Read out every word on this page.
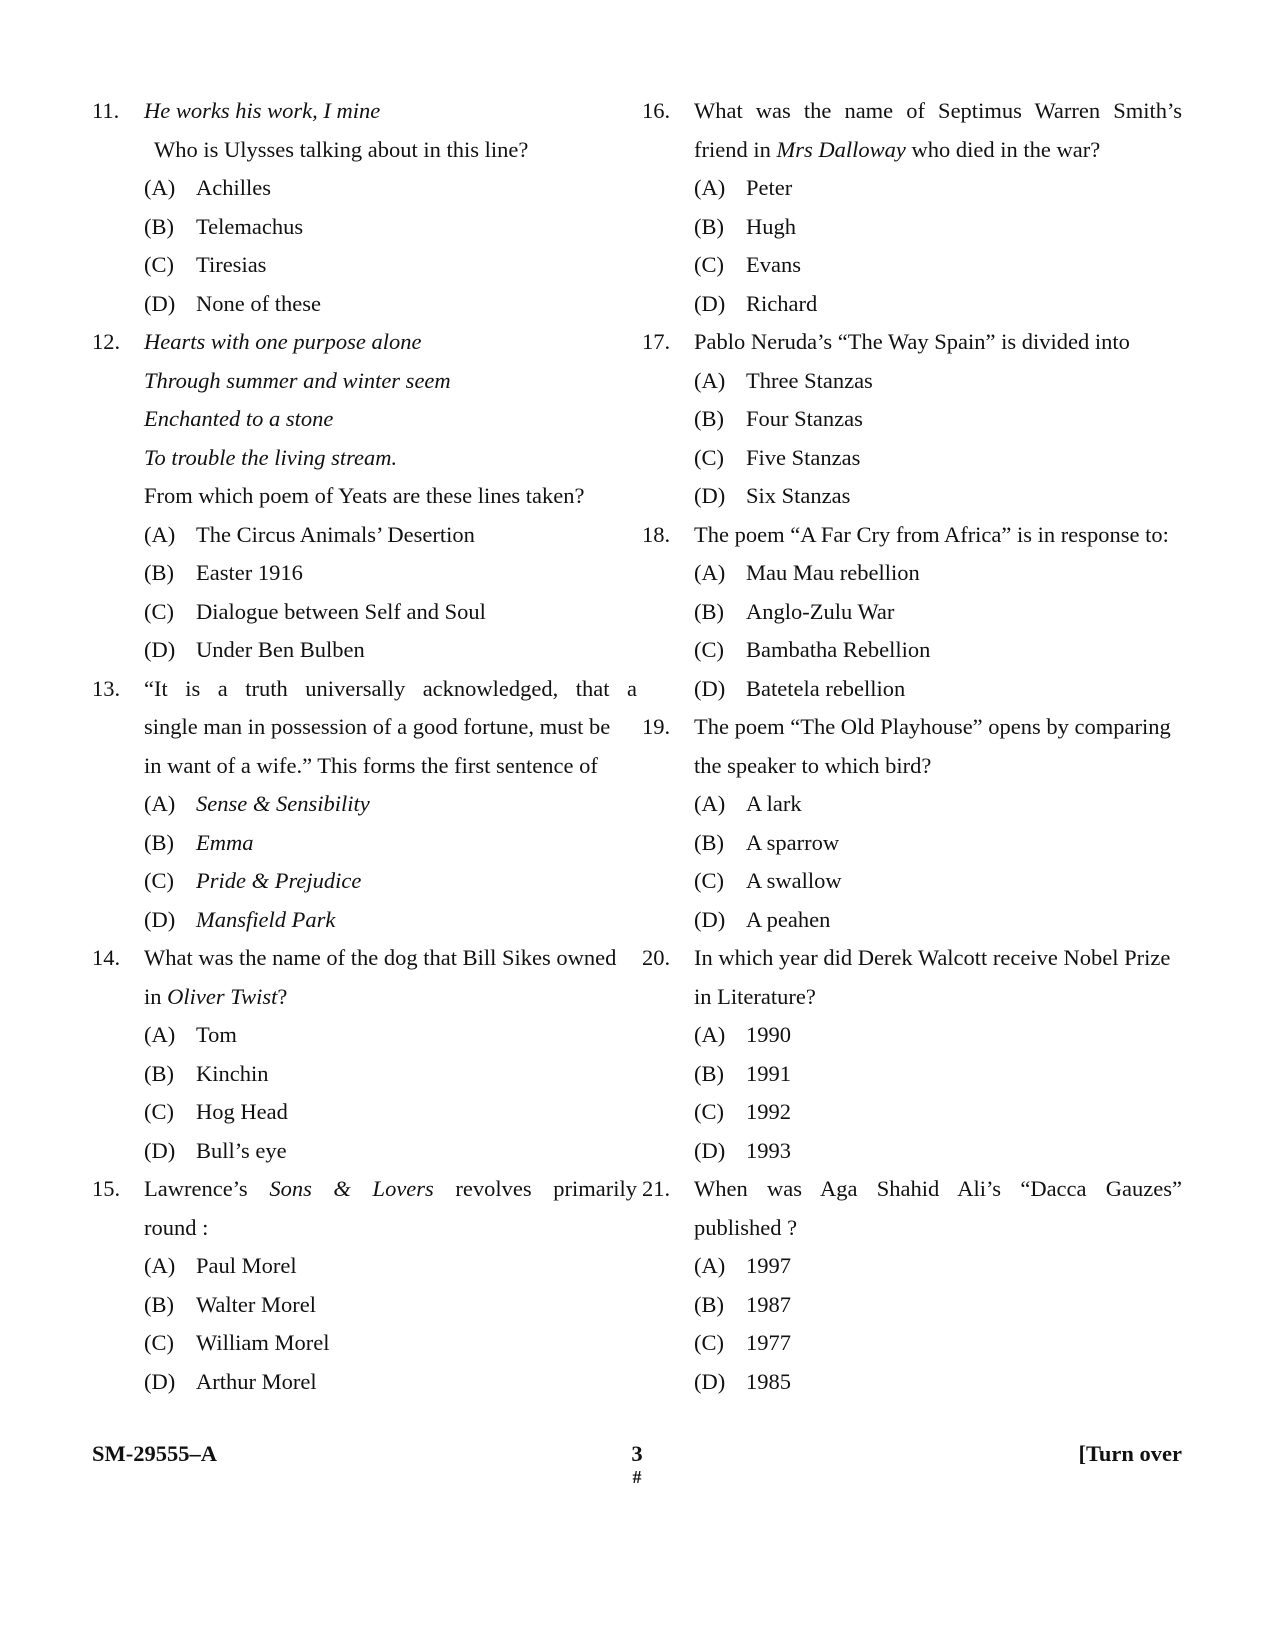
11. He works his work, I mine
Who is Ulysses talking about in this line?
(A) Achilles
(B) Telemachus
(C) Tiresias
(D) None of these
12. Hearts with one purpose alone
Through summer and winter seem
Enchanted to a stone
To trouble the living stream.
From which poem of Yeats are these lines taken?
(A) The Circus Animals’ Desertion
(B) Easter 1916
(C) Dialogue between Self and Soul
(D) Under Ben Bulben
13. “It is a truth universally acknowledged, that a
single man in possession of a good fortune, must be
in want of a wife.” This forms the first sentence of
(A) Sense & Sensibility
(B) Emma
(C) Pride & Prejudice
(D) Mansfield Park
14. What was the name of the dog that Bill Sikes owned
in Oliver Twist?
(A) Tom
(B) Kinchin
(C) Hog Head
(D) Bull’s eye
15. Lawrence’s Sons & Lovers revolves primarily
round :
(A) Paul Morel
(B) Walter Morel
(C) William Morel
(D) Arthur Morel
16. What was the name of Septimus Warren Smith’s
friend in Mrs Dalloway who died in the war?
(A) Peter
(B) Hugh
(C) Evans
(D) Richard
17. Pablo Neruda’s “The Way Spain” is divided into
(A) Three Stanzas
(B) Four Stanzas
(C) Five Stanzas
(D) Six Stanzas
18. The poem “A Far Cry from Africa” is in response to:
(A) Mau Mau rebellion
(B) Anglo-Zulu War
(C) Bambatha Rebellion
(D) Batetela rebellion
19. The poem “The Old Playhouse” opens by comparing
the speaker to which bird?
(A) A lark
(B) A sparrow
(C) A swallow
(D) A peahen
20. In which year did Derek Walcott receive Nobel Prize
in Literature?
(A) 1990
(B) 1991
(C) 1992
(D) 1993
21. When was Aga Shahid Ali’s “Dacca Gauzes”
published ?
(A) 1997
(B) 1987
(C) 1977
(D) 1985
SM-29555–A	3
#
[Turn over
